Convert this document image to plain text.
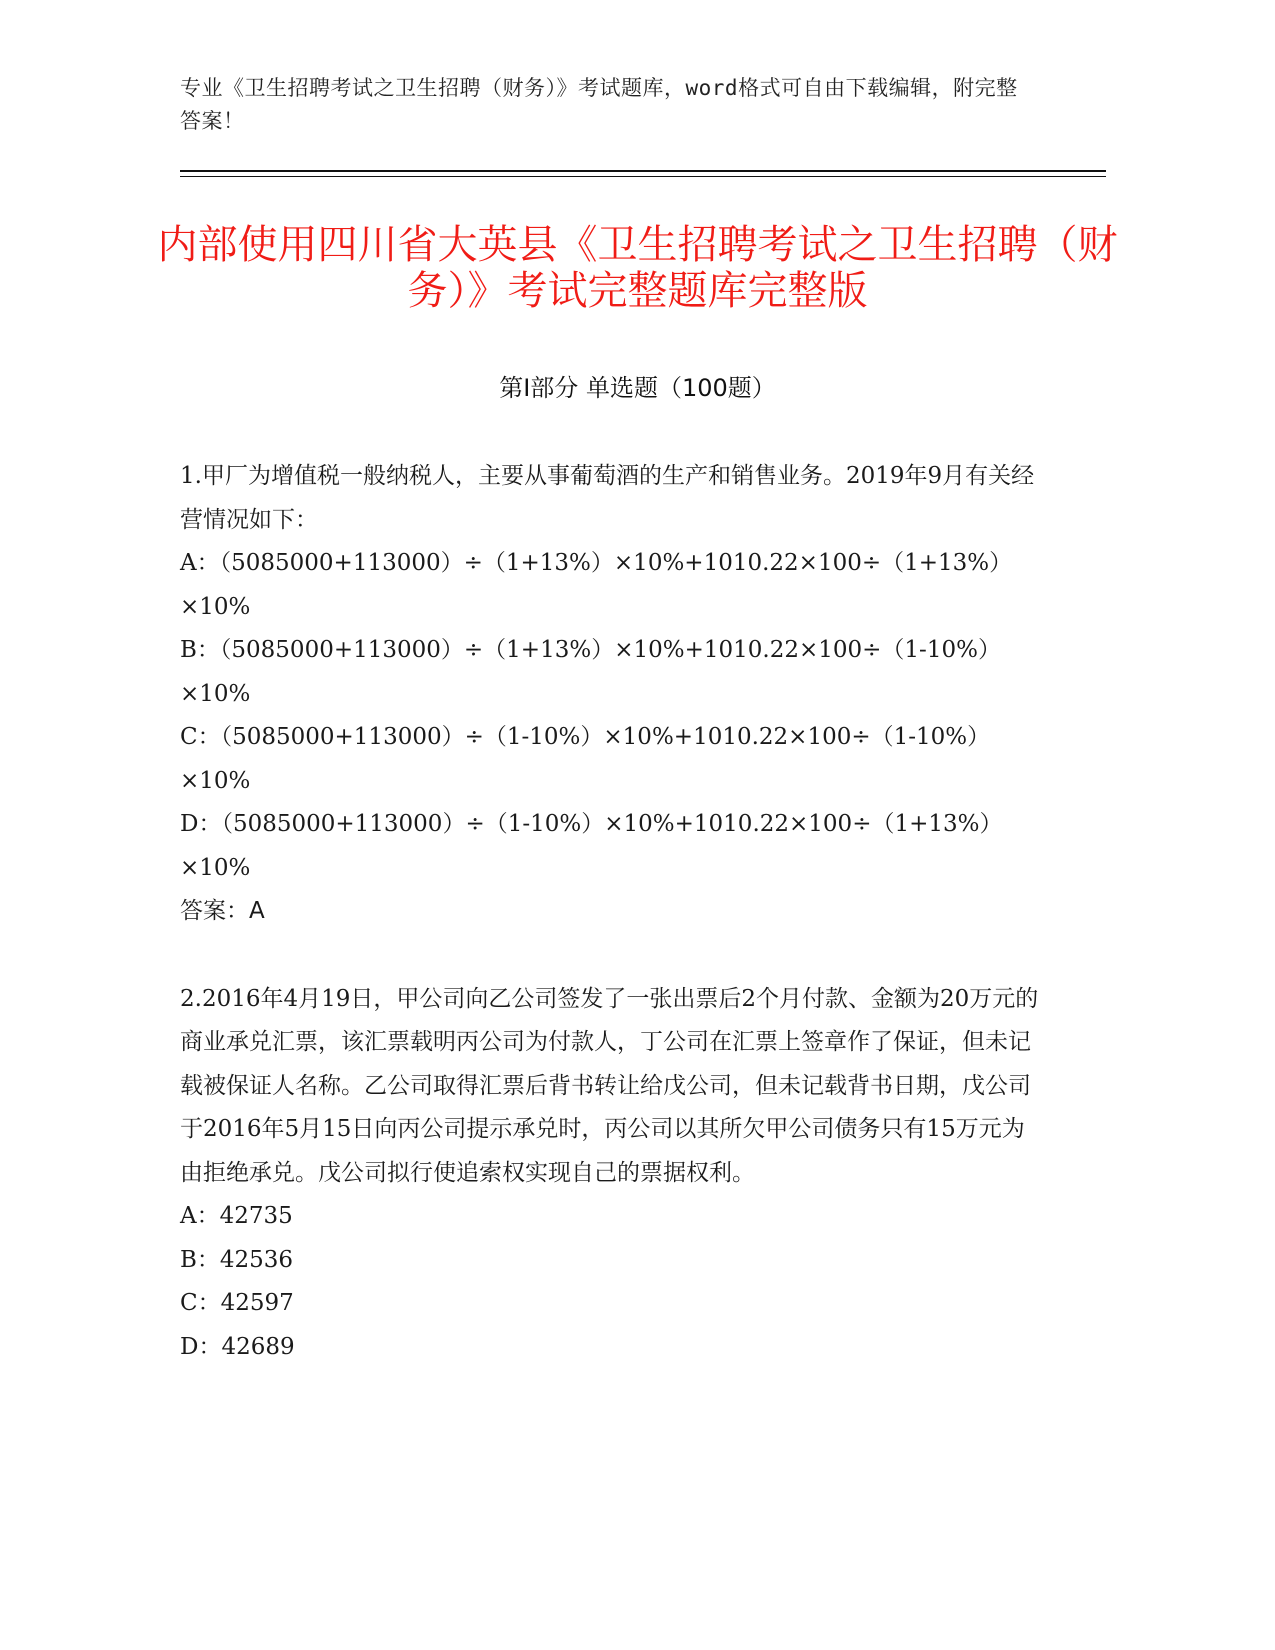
专业《卫生招聘考试之卫生招聘（财务）》考试题库，word格式可自由下载编辑，附完整答案！
内部使用四川省大英县《卫生招聘考试之卫生招聘（财务）》考试完整题库完整版
第Ⅰ部分 单选题（100题）
1.甲厂为增值税一般纳税人，主要从事葡萄酒的生产和销售业务。2019年9月有关经营情况如下：
A：（5085000+113000）÷（1+13%）×10%+1010.22×100÷（1+13%）×10%
B：（5085000+113000）÷（1+13%）×10%+1010.22×100÷（1-10%）×10%
C：（5085000+113000）÷（1-10%）×10%+1010.22×100÷（1-10%）×10%
D：（5085000+113000）÷（1-10%）×10%+1010.22×100÷（1+13%）×10%
答案：A
2.2016年4月19日，甲公司向乙公司签发了一张出票后2个月付款、金额为20万元的商业承兑汇票，该汇票载明丙公司为付款人，丁公司在汇票上签章作了保证，但未记载被保证人名称。乙公司取得汇票后背书转让给戊公司，但未记载背书日期，戊公司于2016年5月15日向丙公司提示承兑时，丙公司以其所欠甲公司债务只有15万元为由拒绝承兑。戊公司拟行使追索权实现自己的票据权利。
A：42735
B：42536
C：42597
D：42689
